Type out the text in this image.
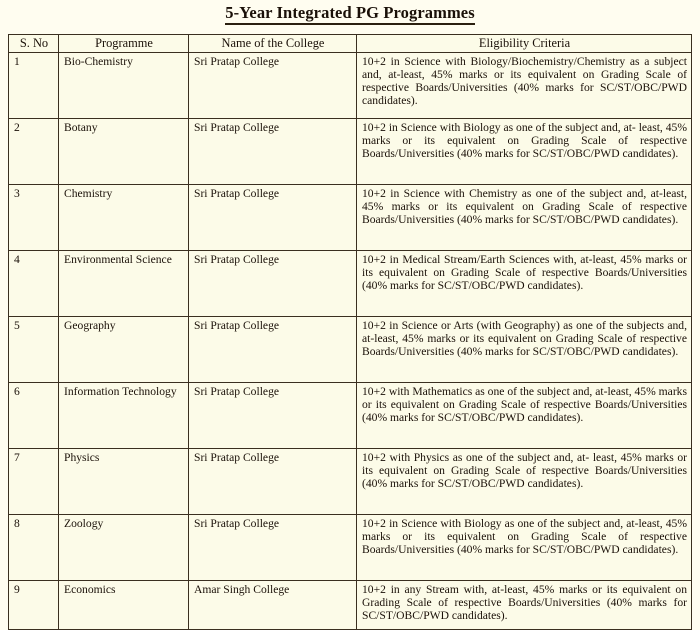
5-Year Integrated PG Programmes
S. No	Programme	Name of the College	Eligibility Criteria
1	Bio-Chemistry	Sri Pratap College	10+2 in Science with Biology/Biochemistry/Chemistry as a subject and, at-least, 45% marks or its equivalent on Grading Scale of respective Boards/Universities (40% marks for SC/ST/OBC/PWD candidates).
2	Botany	Sri Pratap College	10+2 in Science with Biology as one of the subject and, at- least, 45% marks or its equivalent on Grading Scale of respective Boards/Universities (40% marks for SC/ST/OBC/PWD candidates).
3	Chemistry	Sri Pratap College	10+2 in Science with Chemistry as one of the subject and, at-least, 45% marks or its equivalent on Grading Scale of respective Boards/Universities (40% marks for SC/ST/OBC/PWD candidates).
4	Environmental Science	Sri Pratap College	10+2 in Medical Stream/Earth Sciences with, at-least, 45% marks or its equivalent on Grading Scale of respective Boards/Universities (40% marks for SC/ST/OBC/PWD candidates).
5	Geography	Sri Pratap College	10+2 in Science or Arts (with Geography) as one of the subjects and, at-least, 45% marks or its equivalent on Grading Scale of respective Boards/Universities (40% marks for SC/ST/OBC/PWD candidates).
6	Information Technology	Sri Pratap College	10+2 with Mathematics as one of the subject and, at-least, 45% marks or its equivalent on Grading Scale of respective Boards/Universities (40% marks for SC/ST/OBC/PWD candidates).
7	Physics	Sri Pratap College	10+2 with Physics as one of the subject and, at- least, 45% marks or its equivalent on Grading Scale of respective Boards/Universities (40% marks for SC/ST/OBC/PWD candidates).
8	Zoology	Sri Pratap College	10+2 in Science with Biology as one of the subject and, at-least, 45% marks or its equivalent on Grading Scale of respective Boards/Universities (40% marks for SC/ST/OBC/PWD candidates).
9	Economics	Amar Singh College	10+2 in any Stream with, at-least, 45% marks or its equivalent on Grading Scale of respective Boards/Universities (40% marks for SC/ST/OBC/PWD candidates).
